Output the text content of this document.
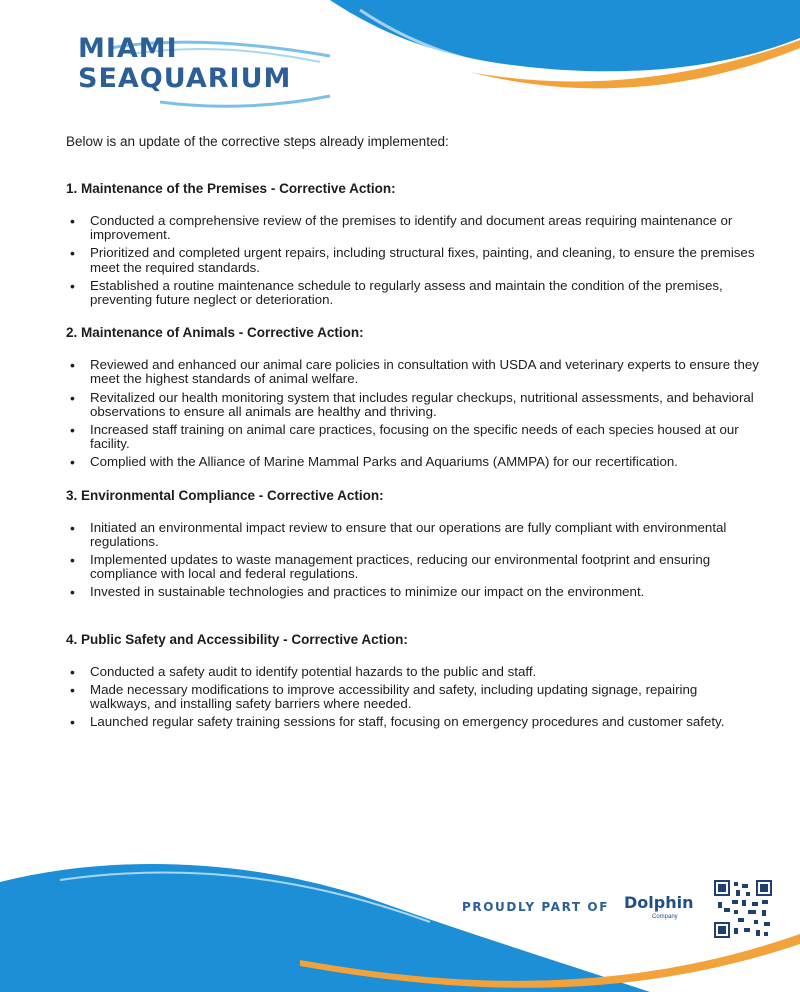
MIAMI
SEAQUARIUM

Below is an update of the corrective steps already implemented:

1. Maintenance of the Premises - Corrective Action:

• Conducted a comprehensive review of the premises to identify and document areas requiring maintenance or improvement.
• Prioritized and completed urgent repairs, including structural fixes, painting, and cleaning, to ensure the premises meet the required standards.
• Established a routine maintenance schedule to regularly assess and maintain the condition of the premises, preventing future neglect or deterioration.

2. Maintenance of Animals - Corrective Action:

• Reviewed and enhanced our animal care policies in consultation with USDA and veterinary experts to ensure they meet the highest standards of animal welfare.
• Revitalized our health monitoring system that includes regular checkups, nutritional assessments, and behavioral observations to ensure all animals are healthy and thriving.
• Increased staff training on animal care practices, focusing on the specific needs of each species housed at our facility.
• Complied with the Alliance of Marine Mammal Parks and Aquariums (AMMPA) for our recertification.

3. Environmental Compliance - Corrective Action:

• Initiated an environmental impact review to ensure that our operations are fully compliant with environmental regulations.
• Implemented updates to waste management practices, reducing our environmental footprint and ensuring compliance with local and federal regulations.
• Invested in sustainable technologies and practices to minimize our impact on the environment.

4. Public Safety and Accessibility - Corrective Action:

• Conducted a safety audit to identify potential hazards to the public and staff.
• Made necessary modifications to improve accessibility and safety, including updating signage, repairing walkways, and installing safety barriers where needed.
• Launched regular safety training sessions for staff, focusing on emergency procedures and customer safety.
PROUDLY PART OF Dolphin
Company
